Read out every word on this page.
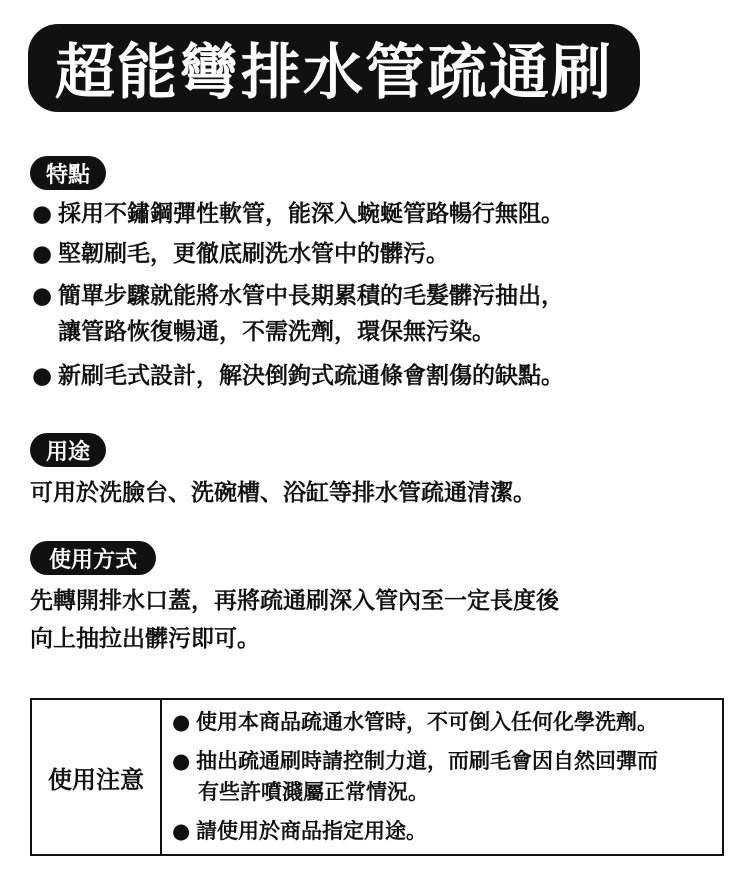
超能彎排水管疏通刷
特點
● 採用不鏽鋼彈性軟管，能深入蜿蜒管路暢行無阻。
● 堅韌刷毛，更徹底刷洗水管中的髒污。
● 簡單步驟就能將水管中長期累積的毛髮髒污抽出，
讓管路恢復暢通，不需洗劑，環保無污染。
● 新刷毛式設計，解決倒鉤式疏通條會割傷的缺點。
用途
可用於洗臉台、洗碗槽、浴缸等排水管疏通清潔。
使用方式
先轉開排水口蓋，再將疏通刷深入管內至一定長度後
向上抽拉出髒污即可。
使用注意
● 使用本商品疏通水管時，不可倒入任何化學洗劑。
● 抽出疏通刷時請控制力道，而刷毛會因自然回彈而
有些許噴濺屬正常情況。
● 請使用於商品指定用途。
